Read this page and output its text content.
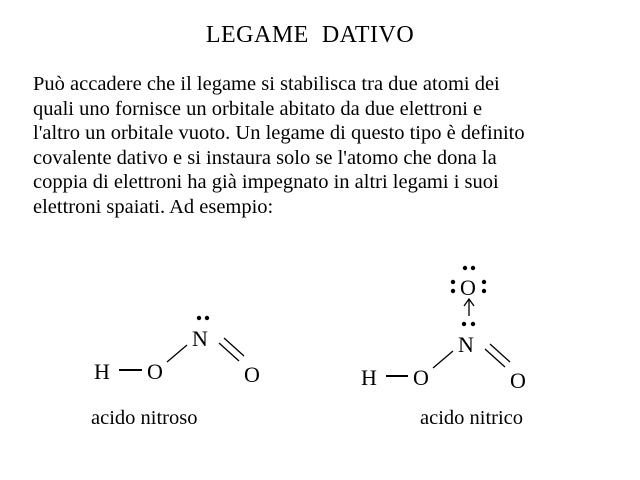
LEGAME  DATIVO
Può accadere che il legame si stabilisca tra due atomi dei
quali uno fornisce un orbitale abitato da due elettroni e
l'altro un orbitale vuoto. Un legame di questo tipo è definito
covalente dativo e si instaura solo se l'atomo che dona la
coppia di elettroni ha già impegnato in altri legami i suoi
elettroni spaiati. Ad esempio:
H O
N
O
acido nitroso
H O
O
N
O
acido nitrico
